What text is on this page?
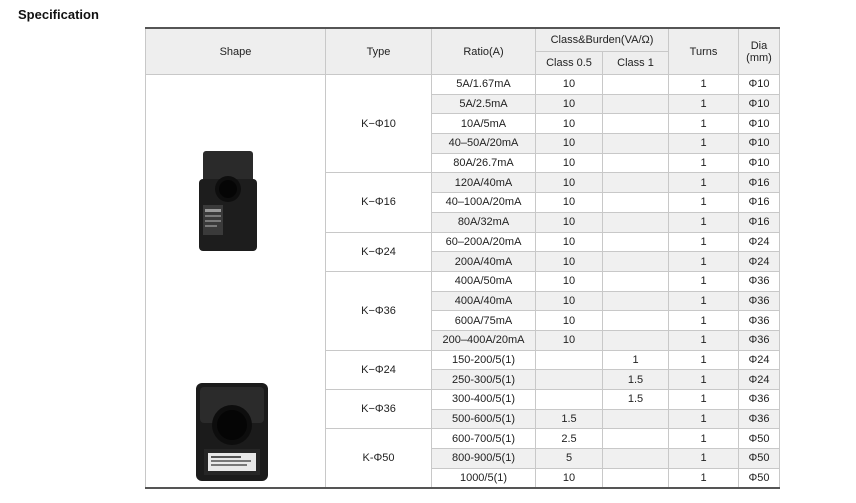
Specification
Shape	Type	Ratio(A)	Class&Burden(VA/Ω)		Turns	Dia
(mm)

			Class 0.5	Class 1		

	K−Φ10	5A/1.67mA	10		1	Φ10
		5A/2.5mA	10		1	Φ10
		10A/5mA	10		1	Φ10
		40–50A/20mA	10		1	Φ10
		80A/26.7mA	10		1	Φ10
	K−Φ16	120A/40mA	10		1	Φ16
		40–100A/20mA	10		1	Φ16
		80A/32mA	10		1	Φ16
	K−Φ24	60–200A/20mA	10		1	Φ24
		200A/40mA	10		1	Φ24
	K−Φ36	400A/50mA	10		1	Φ36
		400A/40mA	10		1	Φ36
		600A/75mA	10		1	Φ36
		200–400A/20mA	10		1	Φ36
	K−Φ24	150-200/5(1)		1	1	Φ24
		250-300/5(1)		1.5	1	Φ24
	K−Φ36	300-400/5(1)		1.5	1	Φ36
		500-600/5(1)	1.5		1	Φ36
	K-Φ50	600-700/5(1)	2.5		1	Φ50
		800-900/5(1)	5		1	Φ50
		1000/5(1)	10		1	Φ50
